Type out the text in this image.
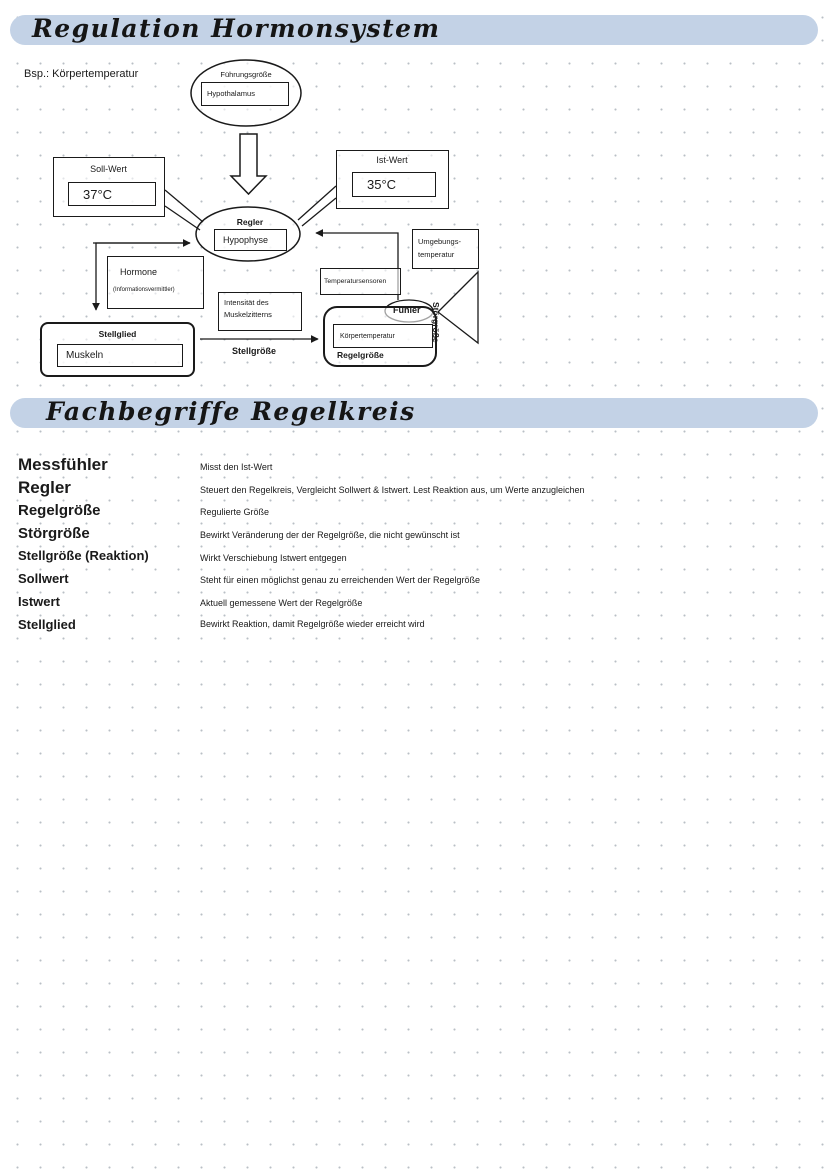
Regulation Hormonsystem
Fachbegriffe Regelkreis
Bsp.: Körpertemperatur	Führungsgröße
Hypothalamus
Soll-Wert
37°C
Ist-Wert
35°C
Regler
Hypophyse
Hormone
(Informationsvermittler)
Umgebungs-
temperatur
Temperatursensoren
Intensität des
Muskelzitterns
Stellglied
Muskeln	Stellgröße
Körpertemperatur
Regelgröße
Fühler Störgröße
Messfühler	Misst den Ist-Wert
Regler	Steuert den Regelkreis, Vergleicht Sollwert & Istwert. Lest Reaktion aus, um Werte anzugleichen
Regelgröße	Regulierte Größe
Störgröße	Bewirkt Veränderung der der Regelgröße, die nicht gewünscht ist
Stellgröße (Reaktion)	Wirkt Verschiebung Istwert entgegen
Sollwert	Steht für einen möglichst genau zu erreichenden Wert der Regelgröße
Istwert	Aktuell gemessene Wert der Regelgröße
Stellglied	Bewirkt Reaktion, damit Regelgröße wieder erreicht wird
